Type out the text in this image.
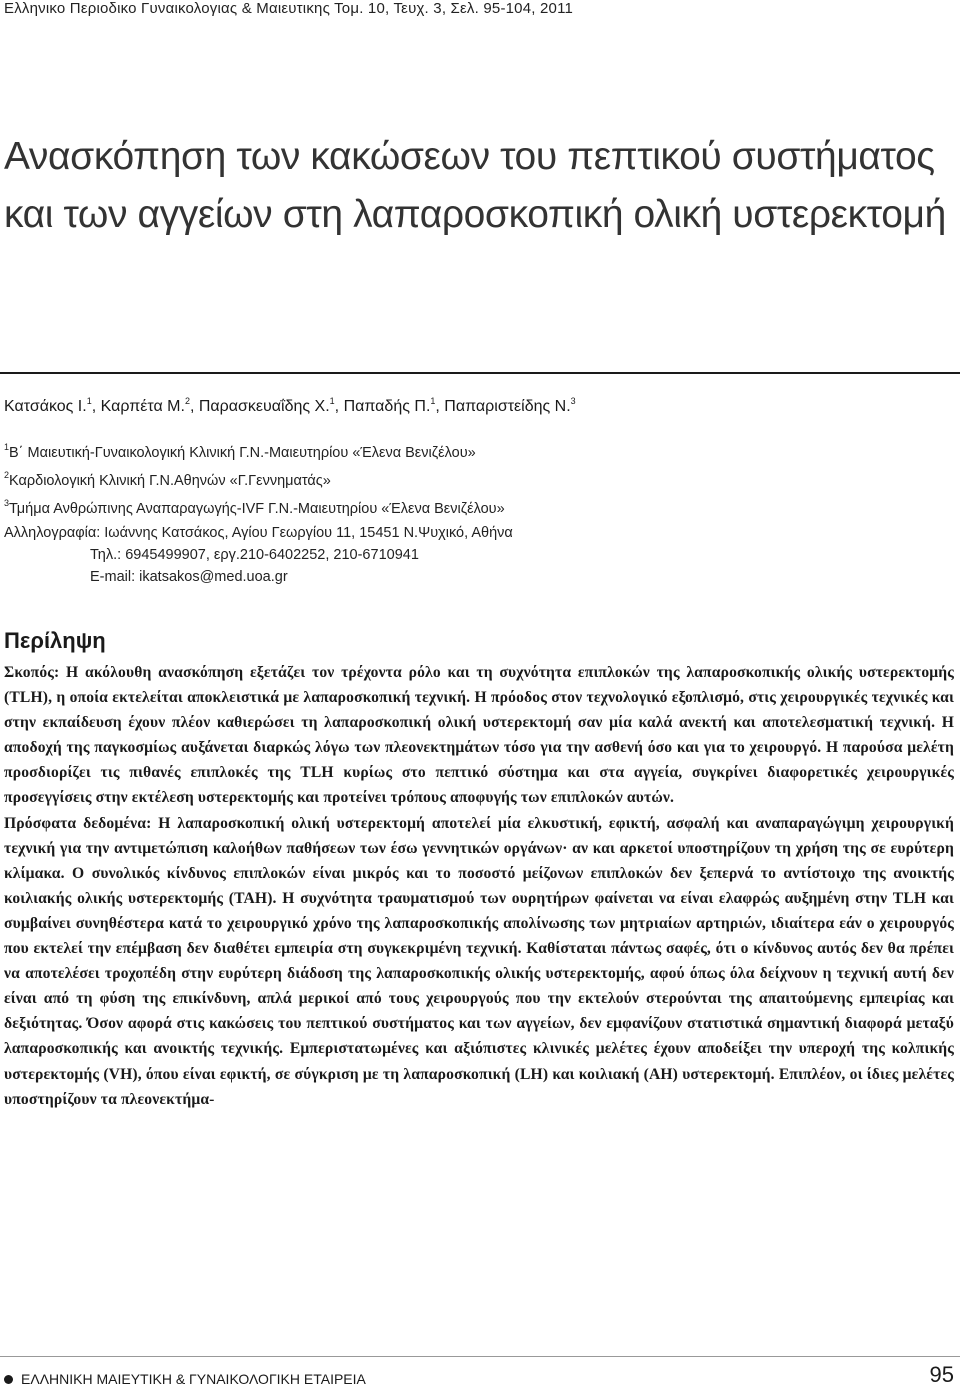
Ελληνικο Περιοδικο Γυναικολογιας & Μαιευτικης Τομ. 10, Τευχ. 3, Σελ. 95-104, 2011
Ανασκόπηση των κακώσεων του πεπτικού συστήματος
και των αγγείων στη λαπαροσκοπική ολική υστερεκτομή
Κατσάκος Ι.$^1$, Καρπέτα Μ.$^2$, Παρασκευαΐδης Χ.$^1$, Παπαδής Π.$^1$, Παπαριστείδης Ν.$^3$
$^1$Β΄ Μαιευτική-Γυναικολογική Κλινική Γ.Ν.-Μαιευτηρίου «Έλενα Βενιζέλου»
$^2$Καρδιολογική Κλινική Γ.Ν.Αθηνών «Γ.Γεννηματάς»
$^3$Τμήμα Ανθρώπινης Αναπαραγωγής-IVF Γ.Ν.-Μαιευτηρίου «Έλενα Βενιζέλου»
Αλληλογραφία: Ιωάννης Κατσάκος, Αγίου Γεωργίου 11, 15451 Ν.Ψυχικό, Αθήνα
Τηλ.: 6945499907, εργ.210-6402252, 210-6710941
E-mail: ikatsakos@med.uoa.gr
Περίληψη

Σκοπός: Η ακόλουθη ανασκόπηση εξετάζει τον τρέχοντα ρόλο και τη συχνότητα επιπλοκών της λαπαροσκοπικής ολικής υστερεκτομής (TLH), η οποία εκτελείται αποκλειστικά με λαπαροσκοπική τεχνική. Η πρόοδος στον τεχνολογικό εξοπλισμό, στις χειρουργικές τεχνικές και στην εκπαίδευση έχουν πλέον καθιερώσει τη λαπαροσκοπική ολική υστερεκτομή σαν μία καλά ανεκτή και αποτελεσματική τεχνική. Η αποδοχή της παγκοσμίως αυξάνεται διαρκώς λόγω των πλεονεκτημάτων τόσο για την ασθενή όσο και για το χειρουργό. Η παρούσα μελέτη προσδιορίζει τις πιθανές επιπλοκές της TLH κυρίως στο πεπτικό σύστημα και στα αγγεία, συγκρίνει διαφορετικές χειρουργικές προσεγγίσεις στην εκτέλεση υστερεκτομής και προτείνει τρόπους αποφυγής των επιπλοκών αυτών.

Πρόσφατα δεδομένα: Η λαπαροσκοπική ολική υστερεκτομή αποτελεί μία ελκυστική, εφικτή, ασφαλή και αναπαραγώγιμη χειρουργική τεχνική για την αντιμετώπιση καλοήθων παθήσεων των έσω γεννητικών οργάνων· αν και αρκετοί υποστηρίζουν τη χρήση της σε ευρύτερη κλίμακα. Ο συνολικός κίνδυνος επιπλοκών είναι μικρός και το ποσοστό μείζονων επιπλοκών δεν ξεπερνά το αντίστοιχο της ανοικτής κοιλιακής ολικής υστερεκτομής (TAH). Η συχνότητα τραυματισμού των ουρητήρων φαίνεται να είναι ελαφρώς αυξημένη στην TLH και συμβαίνει συνηθέστερα κατά το χειρουργικό χρόνο της λαπαροσκοπικής απολίνωσης των μητριαίων αρτηριών, ιδιαίτερα εάν ο χειρουργός που εκτελεί την επέμβαση δεν διαθέτει εμπειρία στη συγκεκριμένη τεχνική. Καθίσταται πάντως σαφές, ότι ο κίνδυνος αυτός δεν θα πρέπει να αποτελέσει τροχοπέδη στην ευρύτερη διάδοση της λαπαροσκοπικής ολικής υστερεκτομής, αφού όπως όλα δείχνουν η τεχνική αυτή δεν είναι από τη φύση της επικίνδυνη, απλά μερικοί από τους χειρουργούς που την εκτελούν στερούνται της απαιτούμενης εμπειρίας και δεξιότητας. Όσον αφορά στις κακώσεις του πεπτικού συστήματος και των αγγείων, δεν εμφανίζουν στατιστικά σημαντική διαφορά μεταξύ λαπαροσκοπικής και ανοικτής τεχνικής. Εμπεριστατωμένες και αξιόπιστες κλινικές μελέτες έχουν αποδείξει την υπεροχή της κολπικής υστερεκτομής (VH), όπου είναι εφικτή, σε σύγκριση με τη λαπαροσκοπική (LH) και κοιλιακή (AH) υστερεκτομή. Επιπλέον, οι ίδιες μελέτες υποστηρίζουν τα πλεονεκτήμα-

ΕΛΛΗΝΙΚΗ ΜΑΙΕΥΤΙΚΗ & ΓΥΝΑΙΚΟΛΟΓΙΚΗ ΕΤΑΙΡΕΙΑ	95
